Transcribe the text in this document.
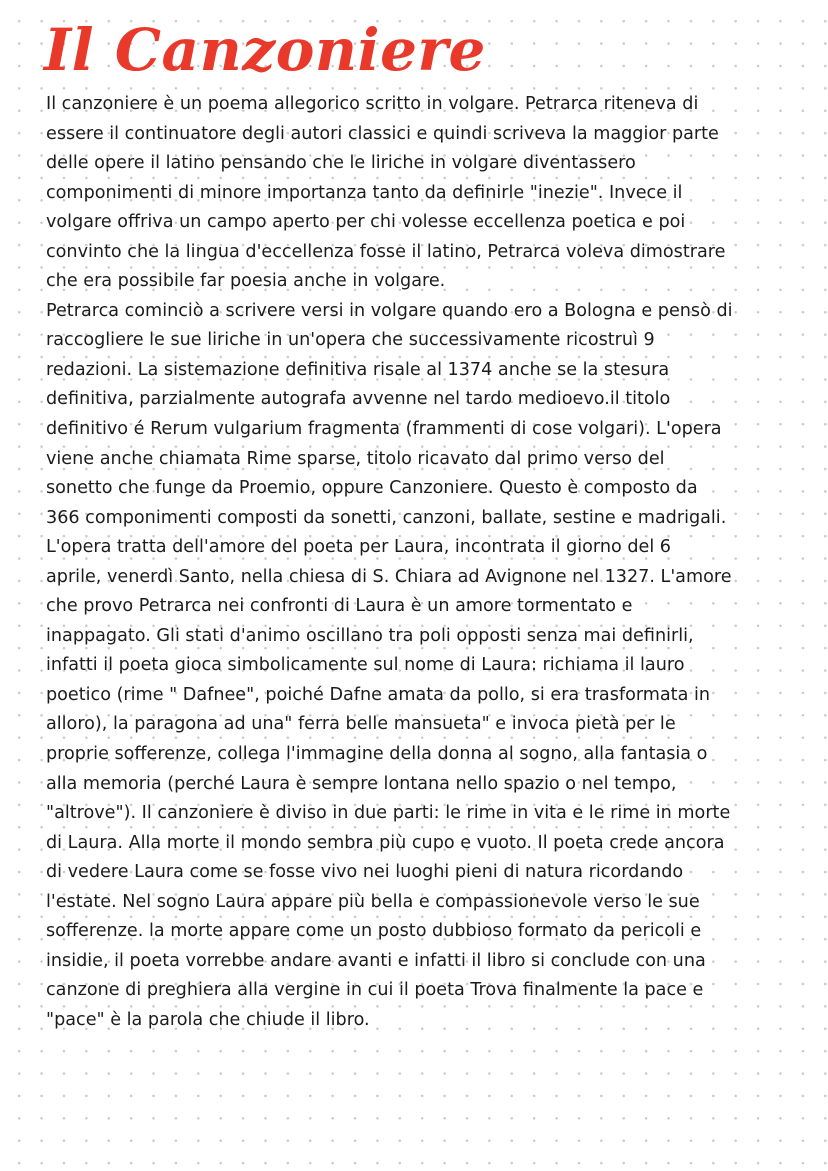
Il Canzoniere
Il canzoniere è un poema allegorico scritto in volgare. Petrarca riteneva di
essere il continuatore degli autori classici e quindi scriveva la maggior parte
delle opere il latino pensando che le liriche in volgare diventassero
componimenti di minore importanza tanto da definirle "inezie". Invece il
volgare offriva un campo aperto per chi volesse eccellenza poetica e poi
convinto che la lingua d'eccellenza fosse il latino, Petrarca voleva dimostrare
che era possibile far poesia anche in volgare.
Petrarca cominciò a scrivere versi in volgare quando ero a Bologna e pensò di
raccogliere le sue liriche in un'opera che successivamente ricostruì 9
redazioni. La sistemazione definitiva risale al 1374 anche se la stesura
definitiva, parzialmente autografa avvenne nel tardo medioevo.il titolo
definitivo é Rerum vulgarium fragmenta (frammenti di cose volgari). L'opera
viene anche chiamata Rime sparse, titolo ricavato dal primo verso del
sonetto che funge da Proemio, oppure Canzoniere. Questo è composto da
366 componimenti composti da sonetti, canzoni, ballate, sestine e madrigali.
L'opera tratta dell'amore del poeta per Laura, incontrata il giorno del 6
aprile, venerdì Santo, nella chiesa di S. Chiara ad Avignone nel 1327. L'amore
che provo Petrarca nei confronti di Laura è un amore tormentato e
inappagato. Gli stati d'animo oscillano tra poli opposti senza mai definirli,
infatti il poeta gioca simbolicamente sul nome di Laura: richiama il lauro
poetico (rime " Dafnee", poiché Dafne amata da pollo, si era trasformata in
alloro), la paragona ad una" ferra belle mansueta" e invoca pietà per le
proprie sofferenze, collega l'immagine della donna al sogno, alla fantasia o
alla memoria (perché Laura è sempre lontana nello spazio o nel tempo,
"altrove"). Il canzoniere è diviso in due parti: le rime in vita e le rime in morte
di Laura. Alla morte il mondo sembra più cupo e vuoto. Il poeta crede ancora
di vedere Laura come se fosse vivo nei luoghi pieni di natura ricordando
l'estate. Nel sogno Laura appare più bella e compassionevole verso le sue
sofferenze. la morte appare come un posto dubbioso formato da pericoli e
insidie, il poeta vorrebbe andare avanti e infatti il libro si conclude con una
canzone di preghiera alla vergine in cui il poeta Trova finalmente la pace e
"pace" è la parola che chiude il libro.
